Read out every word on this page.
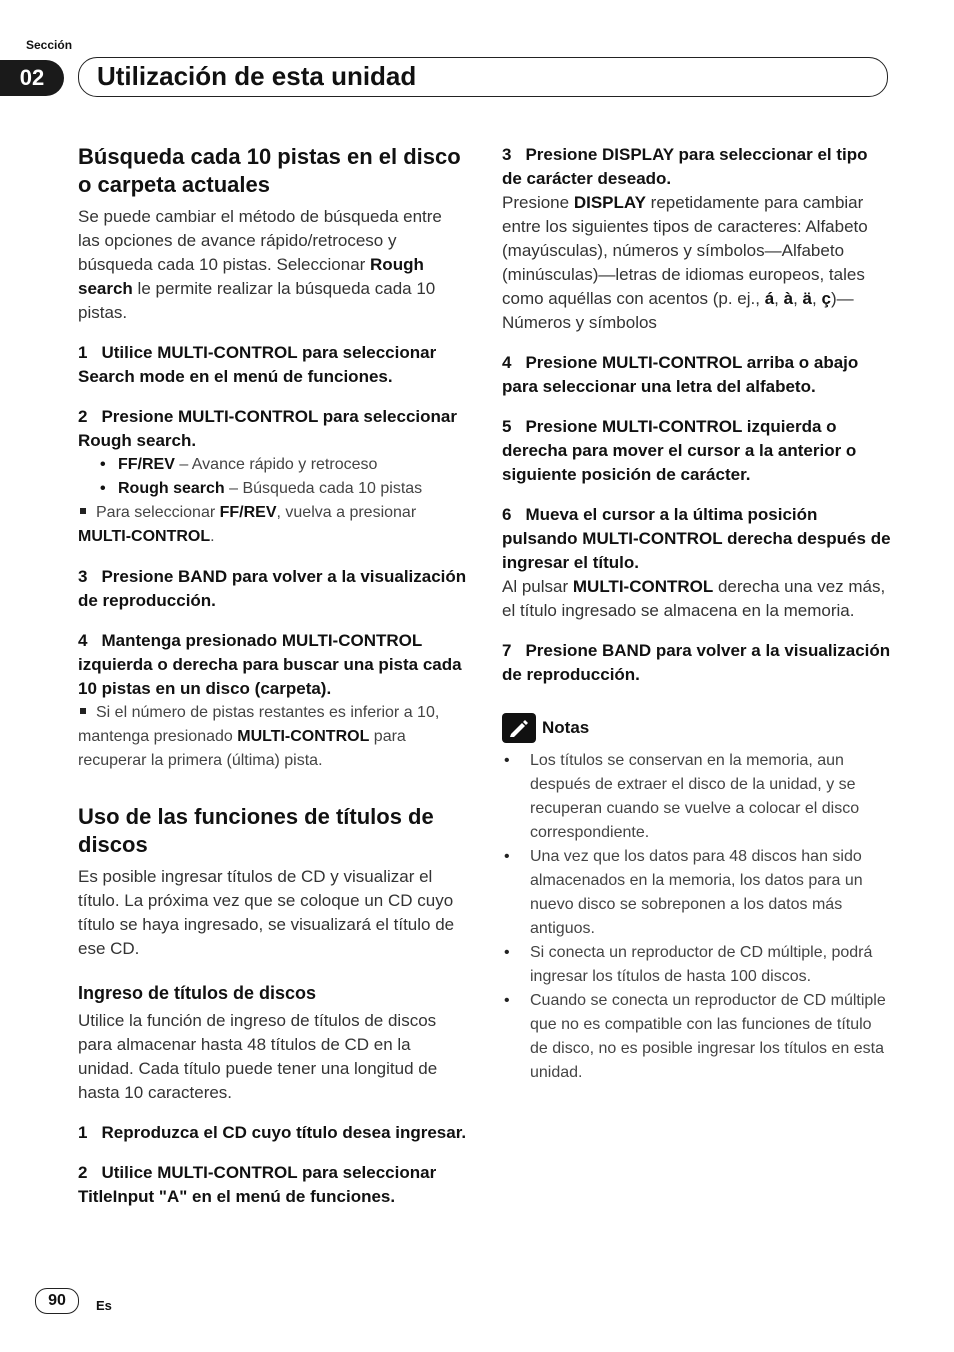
Sección
02	Utilización de esta unidad
Búsqueda cada 10 pistas en el disco o carpeta actuales

Se puede cambiar el método de búsqueda entre las opciones de avance rápido/retroceso y búsqueda cada 10 pistas. Seleccionar Rough search le permite realizar la búsqueda cada 10 pistas.

1 Utilice MULTI-CONTROL para seleccionar Search mode en el menú de funciones.

2 Presione MULTI-CONTROL para seleccionar Rough search.

• FF/REV – Avance rápido y retroceso

• Rough search – Búsqueda cada 10 pistas

Para seleccionar FF/REV, vuelva a presionar MULTI-CONTROL.

3 Presione BAND para volver a la visualización de reproducción.

4 Mantenga presionado MULTI-CONTROL izquierda o derecha para buscar una pista cada 10 pistas en un disco (carpeta).

Si el número de pistas restantes es inferior a 10, mantenga presionado MULTI-CONTROL para recuperar la primera (última) pista.

Uso de las funciones de títulos de discos

Es posible ingresar títulos de CD y visualizar el título. La próxima vez que se coloque un CD cuyo título se haya ingresado, se visualizará el título de ese CD.

Ingreso de títulos de discos

Utilice la función de ingreso de títulos de discos para almacenar hasta 48 títulos de CD en la unidad. Cada título puede tener una longitud de hasta 10 caracteres.

1 Reproduzca el CD cuyo título desea ingresar.

2 Utilice MULTI-CONTROL para seleccionar TitleInput "A" en el menú de funciones.

3 Presione DISPLAY para seleccionar el tipo de carácter deseado.

Presione DISPLAY repetidamente para cambiar entre los siguientes tipos de caracteres: Alfabeto (mayúsculas), números y símbolos—Alfabeto (minúsculas)—letras de idiomas europeos, tales como aquéllas con acentos (p. ej., á, à, ä, ç)—Números y símbolos

4 Presione MULTI-CONTROL arriba o abajo para seleccionar una letra del alfabeto.

5 Presione MULTI-CONTROL izquierda o derecha para mover el cursor a la anterior o siguiente posición de carácter.

6 Mueva el cursor a la última posición pulsando MULTI-CONTROL derecha después de ingresar el título.

Al pulsar MULTI-CONTROL derecha una vez más, el título ingresado se almacena en la memoria.

7 Presione BAND para volver a la visualización de reproducción.

Notas
•	Los títulos se conservan en la memoria, aun después de extraer el disco de la unidad, y se recuperan cuando se vuelve a colocar el disco correspondiente.
•	Una vez que los datos para 48 discos han sido almacenados en la memoria, los datos para un nuevo disco se sobreponen a los datos más antiguos.
•	Si conecta un reproductor de CD múltiple, podrá ingresar los títulos de hasta 100 discos.
•	Cuando se conecta un reproductor de CD múltiple que no es compatible con las funciones de título de disco, no es posible ingresar los títulos en esta unidad.
90	Es
